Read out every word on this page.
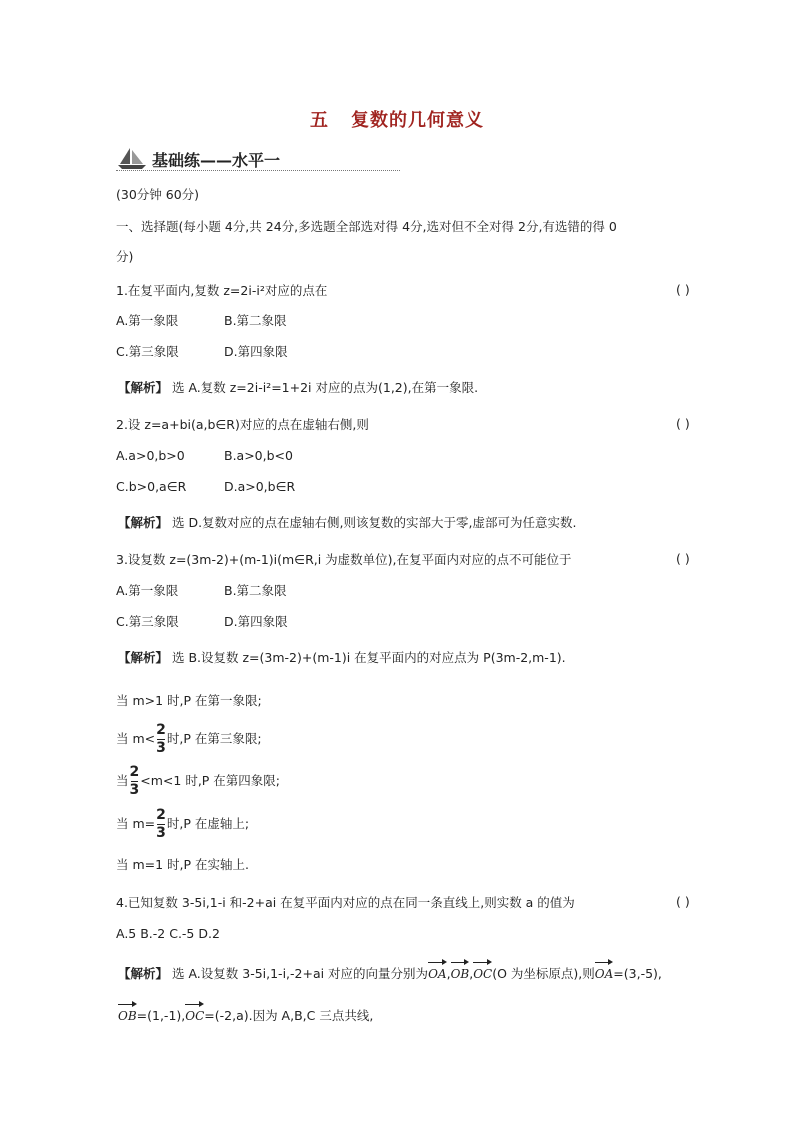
五 复数的几何意义
基础练——水平一
(30分钟 60分)
一、选择题(每小题 4分,共 24分,多选题全部选对得 4分,选对但不全对得 2分,有选错的得 0
分)
1.在复平面内,复数 z=2i-i²对应的点在	( )
A.第一象限	B.第二象限
C.第三象限	D.第四象限
【解析】 选 A.复数 z=2i-i²=1+2i 对应的点为(1,2),在第一象限.
2.设 z=a+bi(a,b∈R)对应的点在虚轴右侧,则	( )
A.a>0,b>0	B.a>0,b<0
C.b>0,a∈R	D.a>0,b∈R
【解析】 选 D.复数对应的点在虚轴右侧,则该复数的实部大于零,虚部可为任意实数.
3.设复数 z=(3m-2)+(m-1)i(m∈R,i 为虚数单位),在复平面内对应的点不可能位于	( )
A.第一象限	B.第二象限
C.第三象限	D.第四象限
【解析】 选 B.设复数 z=(3m-2)+(m-1)i 在复平面内的对应点为 P(3m-2,m-1).
当 m>1 时,P 在第一象限;
当 $m< \frac{2}{3}$ 时,P 在第三象限;
当 $\frac{2}{3} <m<1$ 时,P 在第四象限;
当 $m= \frac{2}{3}$ 时,P 在虚轴上;
当 m=1 时,P 在实轴上.
4.已知复数 3-5i,1-i 和-2+ai 在复平面内对应的点在同一条直线上,则实数 a 的值为	( )
A.5 B.-2 C.-5 D.2
【解析】 选 A.设复数 3-5i,1-i,-2+ai 对应的向量分别为OA,OB,OC(O 为坐标原点),则OA=(3,-5),
OB=(1,-1),OC=(-2,a).因为 A,B,C 三点共线,
